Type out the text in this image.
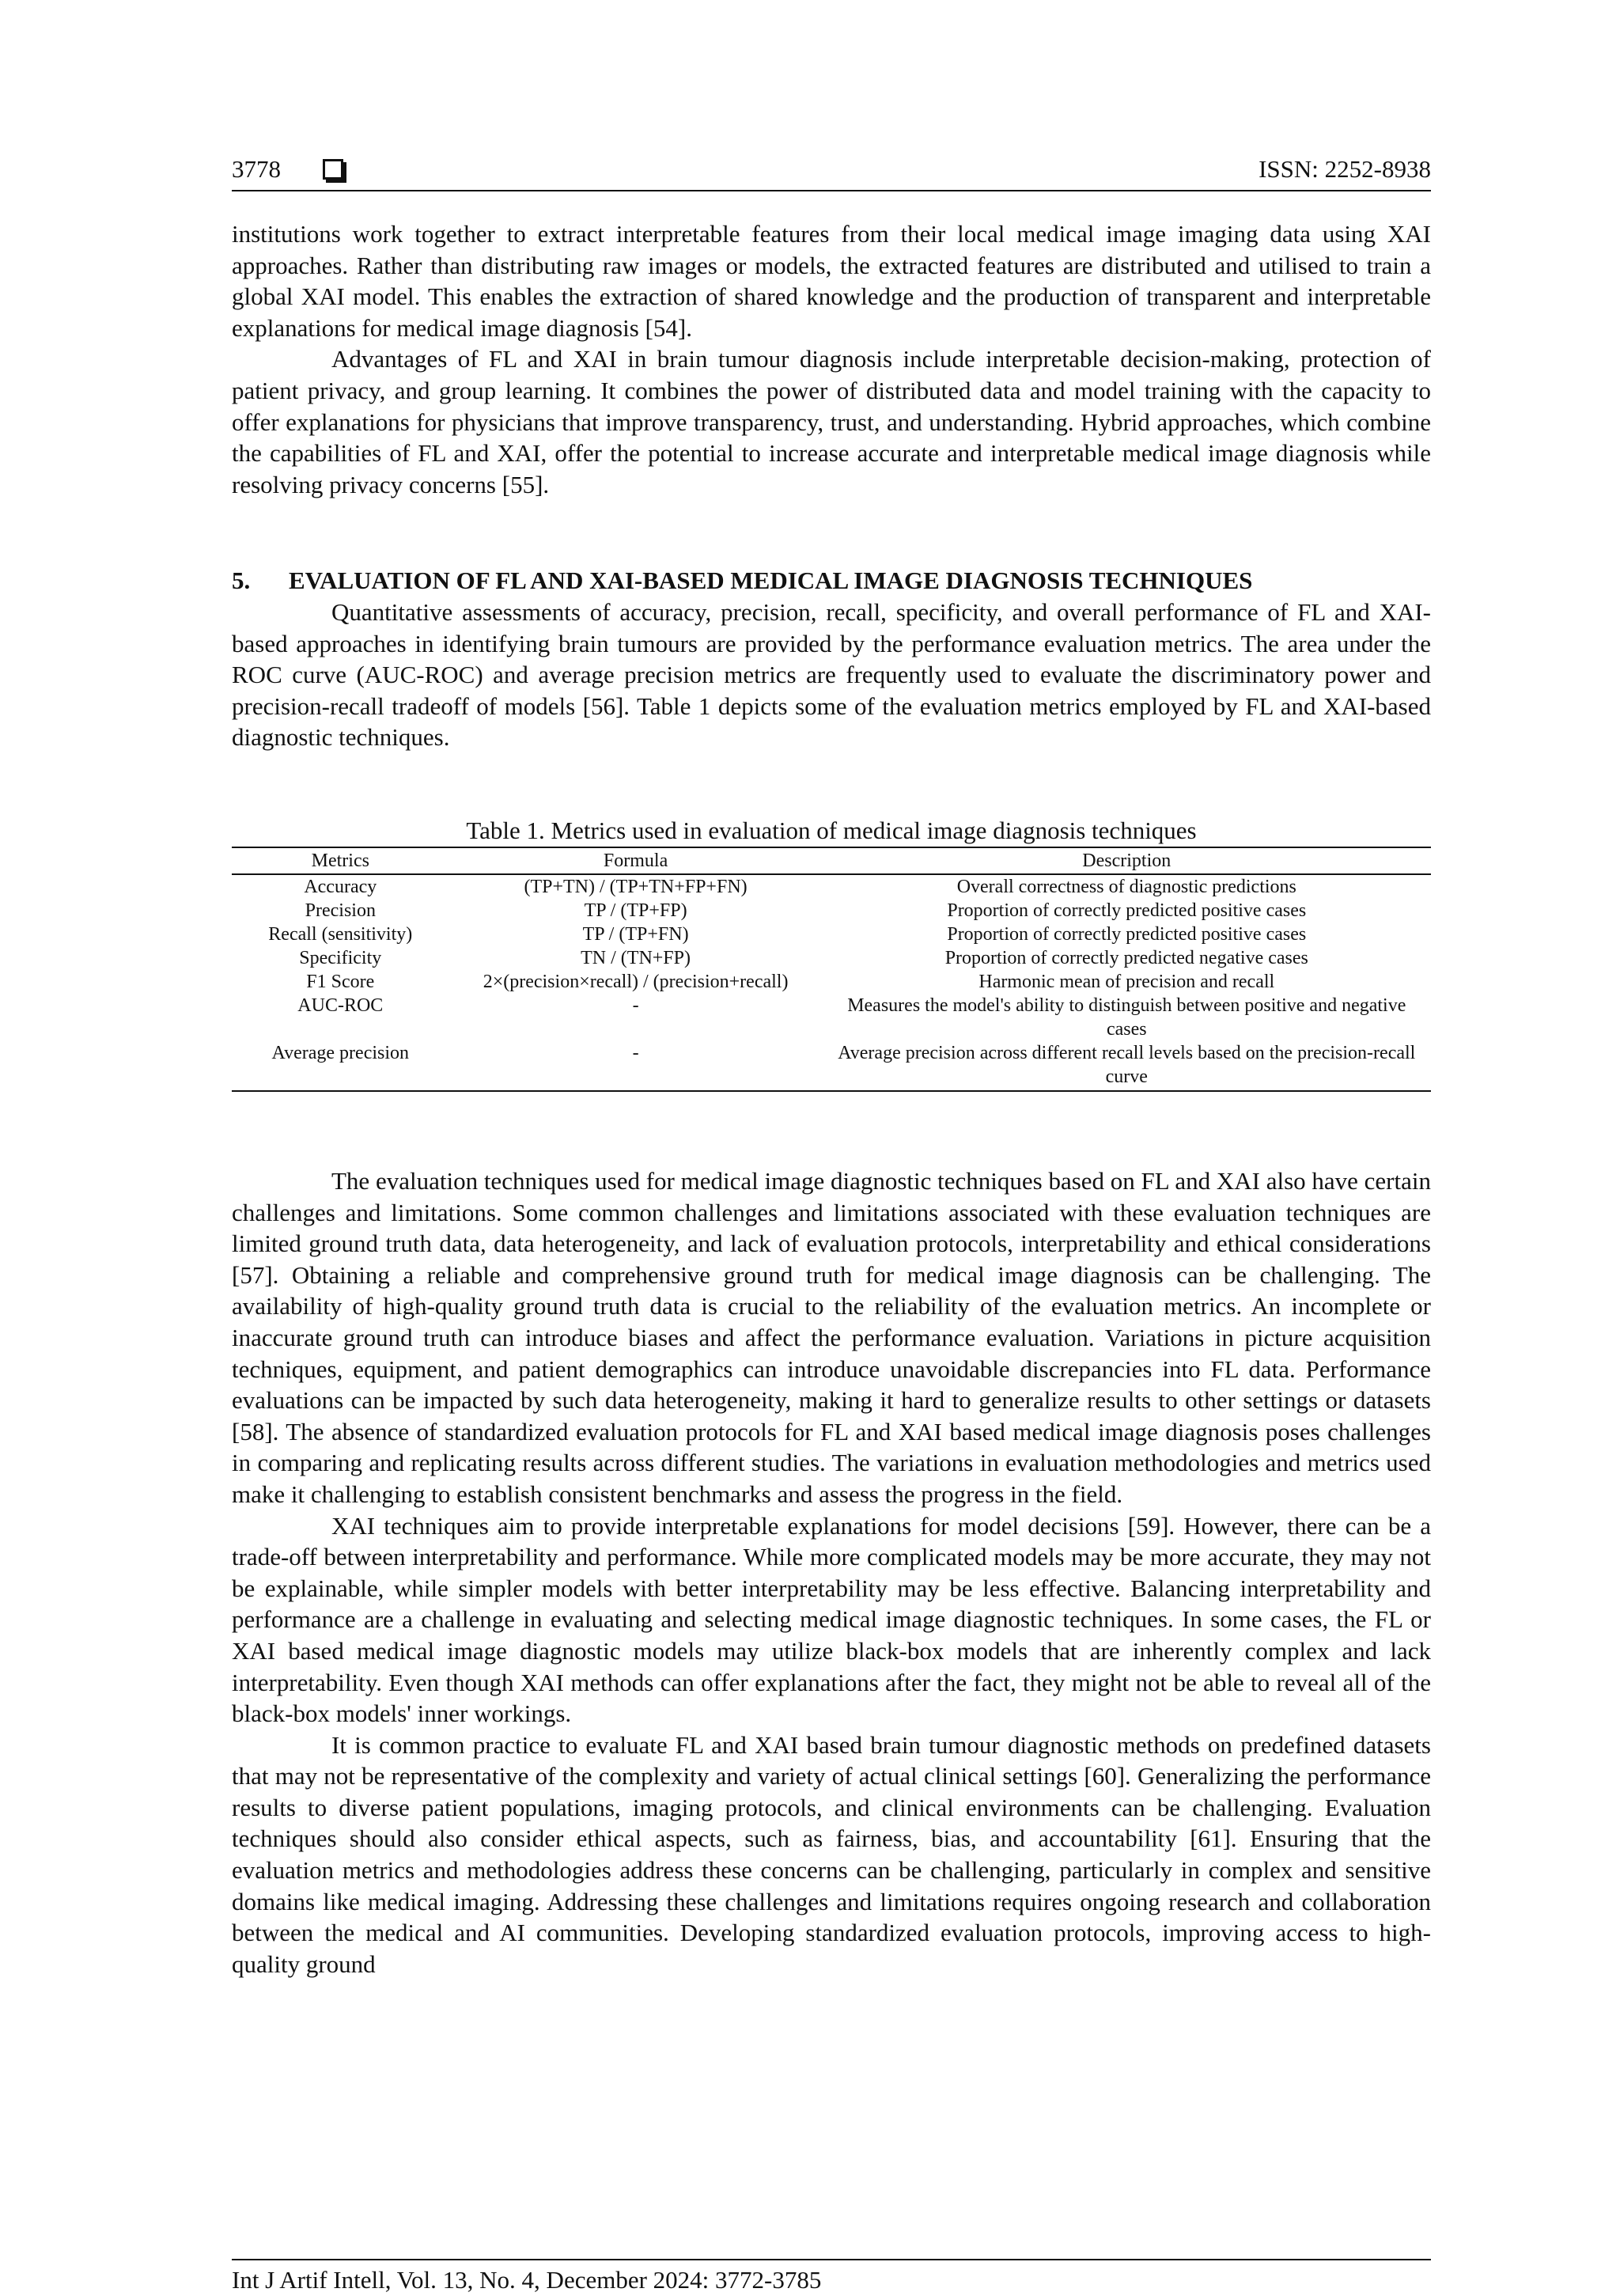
3778	ISSN: 2252-8938

institutions work together to extract interpretable features from their local medical image imaging data using XAI approaches. Rather than distributing raw images or models, the extracted features are distributed and utilised to train a global XAI model. This enables the extraction of shared knowledge and the production of transparent and interpretable explanations for medical image diagnosis [54].

Advantages of FL and XAI in brain tumour diagnosis include interpretable decision-making, protection of patient privacy, and group learning. It combines the power of distributed data and model training with the capacity to offer explanations for physicians that improve transparency, trust, and understanding. Hybrid approaches, which combine the capabilities of FL and XAI, offer the potential to increase accurate and interpretable medical image diagnosis while resolving privacy concerns [55].

5. EVALUATION OF FL AND XAI-BASED MEDICAL IMAGE DIAGNOSIS TECHNIQUES

Quantitative assessments of accuracy, precision, recall, specificity, and overall performance of FL and XAI-based approaches in identifying brain tumours are provided by the performance evaluation metrics. The area under the ROC curve (AUC-ROC) and average precision metrics are frequently used to evaluate the discriminatory power and precision-recall tradeoff of models [56]. Table 1 depicts some of the evaluation metrics employed by FL and XAI-based diagnostic techniques.

Table 1. Metrics used in evaluation of medical image diagnosis techniques
Metrics	Formula	Description
Accuracy	(TP+TN) / (TP+TN+FP+FN)	Overall correctness of diagnostic predictions
Precision	TP / (TP+FP)	Proportion of correctly predicted positive cases
Recall (sensitivity)	TP / (TP+FN)	Proportion of correctly predicted positive cases
Specificity	TN / (TN+FP)	Proportion of correctly predicted negative cases
F1 Score	2×(precision×recall) / (precision+recall)	Harmonic mean of precision and recall
AUC-ROC	-	Measures the model's ability to distinguish between positive and negative cases
Average precision	-	Average precision across different recall levels based on the precision-recall curve

The evaluation techniques used for medical image diagnostic techniques based on FL and XAI also have certain challenges and limitations. Some common challenges and limitations associated with these evaluation techniques are limited ground truth data, data heterogeneity, and lack of evaluation protocols, interpretability and ethical considerations [57]. Obtaining a reliable and comprehensive ground truth for medical image diagnosis can be challenging. The availability of high-quality ground truth data is crucial to the reliability of the evaluation metrics. An incomplete or inaccurate ground truth can introduce biases and affect the performance evaluation. Variations in picture acquisition techniques, equipment, and patient demographics can introduce unavoidable discrepancies into FL data. Performance evaluations can be impacted by such data heterogeneity, making it hard to generalize results to other settings or datasets [58]. The absence of standardized evaluation protocols for FL and XAI based medical image diagnosis poses challenges in comparing and replicating results across different studies. The variations in evaluation methodologies and metrics used make it challenging to establish consistent benchmarks and assess the progress in the field.

XAI techniques aim to provide interpretable explanations for model decisions [59]. However, there can be a trade-off between interpretability and performance. While more complicated models may be more accurate, they may not be explainable, while simpler models with better interpretability may be less effective. Balancing interpretability and performance are a challenge in evaluating and selecting medical image diagnostic techniques. In some cases, the FL or XAI based medical image diagnostic models may utilize black-box models that are inherently complex and lack interpretability. Even though XAI methods can offer explanations after the fact, they might not be able to reveal all of the black-box models' inner workings.

It is common practice to evaluate FL and XAI based brain tumour diagnostic methods on predefined datasets that may not be representative of the complexity and variety of actual clinical settings [60]. Generalizing the performance results to diverse patient populations, imaging protocols, and clinical environments can be challenging. Evaluation techniques should also consider ethical aspects, such as fairness, bias, and accountability [61]. Ensuring that the evaluation metrics and methodologies address these concerns can be challenging, particularly in complex and sensitive domains like medical imaging. Addressing these challenges and limitations requires ongoing research and collaboration between the medical and AI communities. Developing standardized evaluation protocols, improving access to high-quality ground

Int J Artif Intell, Vol. 13, No. 4, December 2024: 3772-3785
